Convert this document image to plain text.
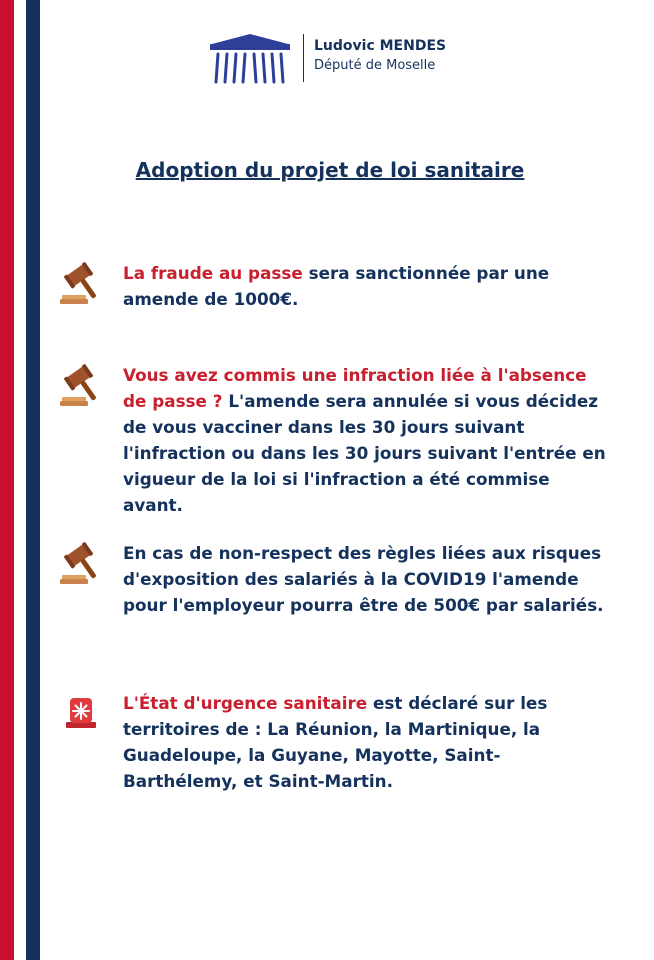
Ludovic MENDES
Député de Moselle
Adoption du projet de loi sanitaire
La fraude au passe sera sanctionnée par une amende de 1000€.
Vous avez commis une infraction liée à l'absence de passe ? L'amende sera annulée si vous décidez de vous vacciner dans les 30 jours suivant l'infraction ou dans les 30 jours suivant l'entrée en vigueur de la loi si l'infraction a été commise avant.
En cas de non-respect des règles liées aux risques d'exposition des salariés à la COVID19 l'amende pour l'employeur pourra être de 500€ par salariés.
L'État d'urgence sanitaire est déclaré sur les territoires de : La Réunion, la Martinique, la Guadeloupe, la Guyane, Mayotte, Saint-Barthélemy, et Saint-Martin.
